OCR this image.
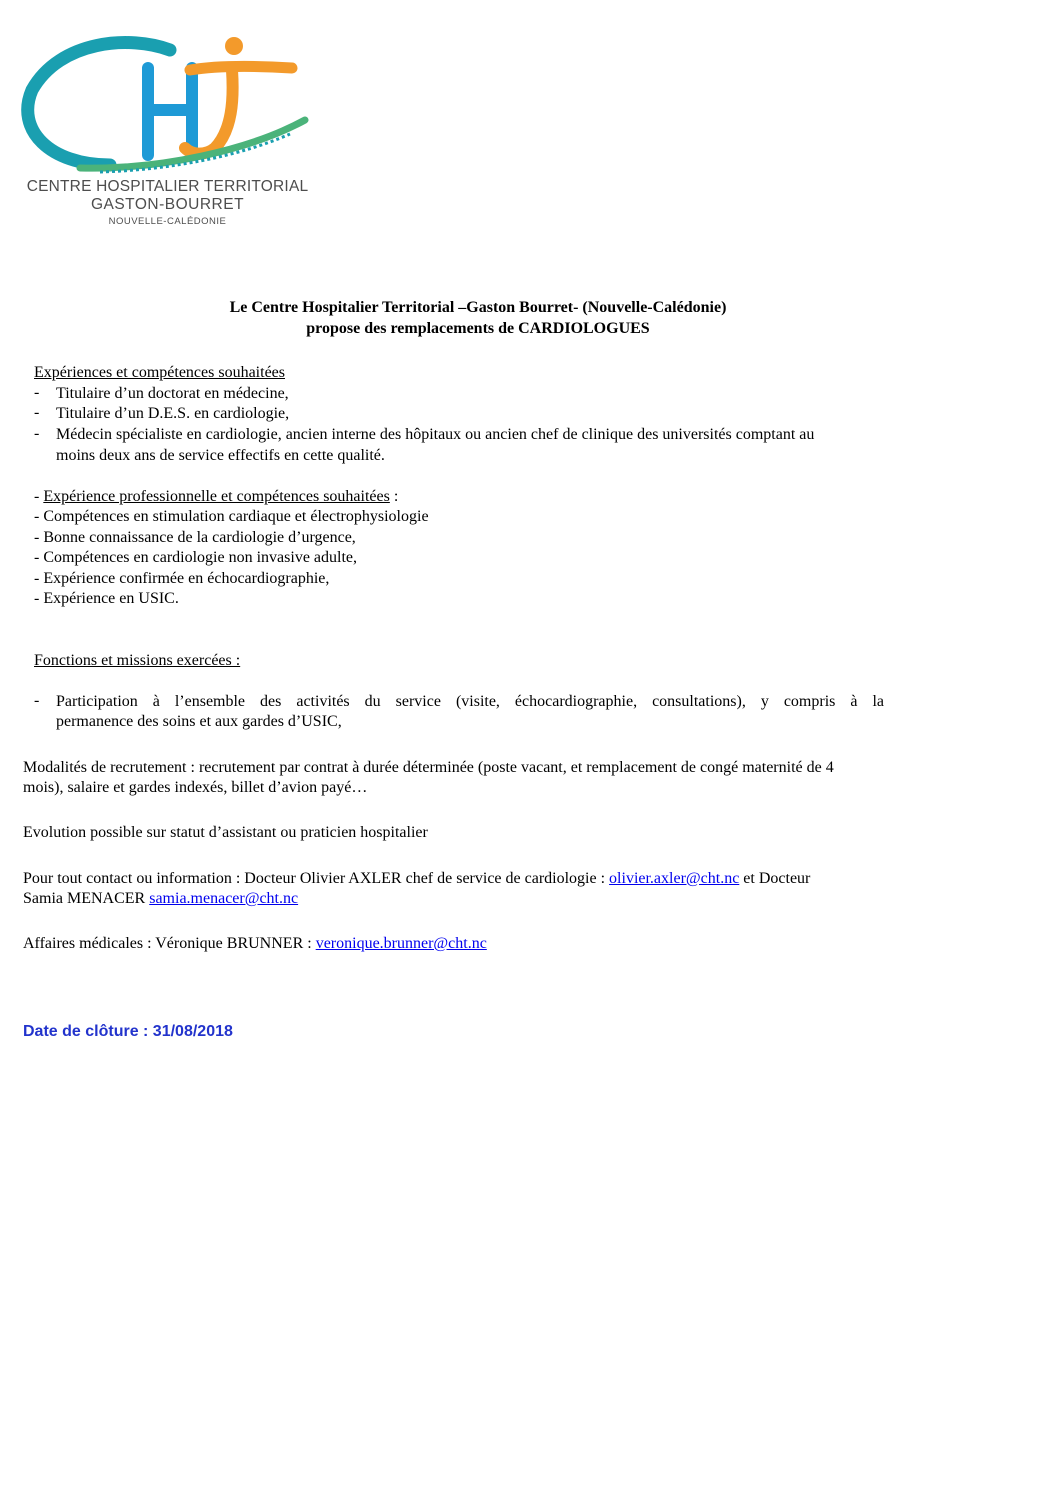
CENTRE HOSPITALIER TERRITORIAL
GASTON-BOURRET
NOUVELLE-CALÉDONIE
Le Centre Hospitalier Territorial –Gaston Bourret- (Nouvelle-Calédonie)
propose des remplacements de CARDIOLOGUES
Expériences et compétences souhaitées
- Titulaire d’un doctorat en médecine,
- Titulaire d’un D.E.S. en cardiologie,
- Médecin spécialiste en cardiologie, ancien interne des hôpitaux ou ancien chef de clinique des universités comptant au
moins deux ans de service effectifs en cette qualité.
- Expérience professionnelle et compétences souhaitées :
- Compétences en stimulation cardiaque et électrophysiologie
- Bonne connaissance de la cardiologie d’urgence,
- Compétences en cardiologie non invasive adulte,
- Expérience confirmée en échocardiographie,
- Expérience en USIC.
Fonctions et missions exercées :
- Participation à l’ensemble des activités du service (visite, échocardiographie, consultations), y compris à la
permanence des soins et aux gardes d’USIC,
Modalités de recrutement : recrutement par contrat à durée déterminée (poste vacant, et remplacement de congé maternité de 4
mois), salaire et gardes indexés, billet d’avion payé…
Evolution possible sur statut d’assistant ou praticien hospitalier
Pour tout contact ou information : Docteur Olivier AXLER chef de service de cardiologie : olivier.axler@cht.nc et Docteur
Samia MENACER samia.menacer@cht.nc
Affaires médicales : Véronique BRUNNER : veronique.brunner@cht.nc
Date de clôture : 31/08/2018
